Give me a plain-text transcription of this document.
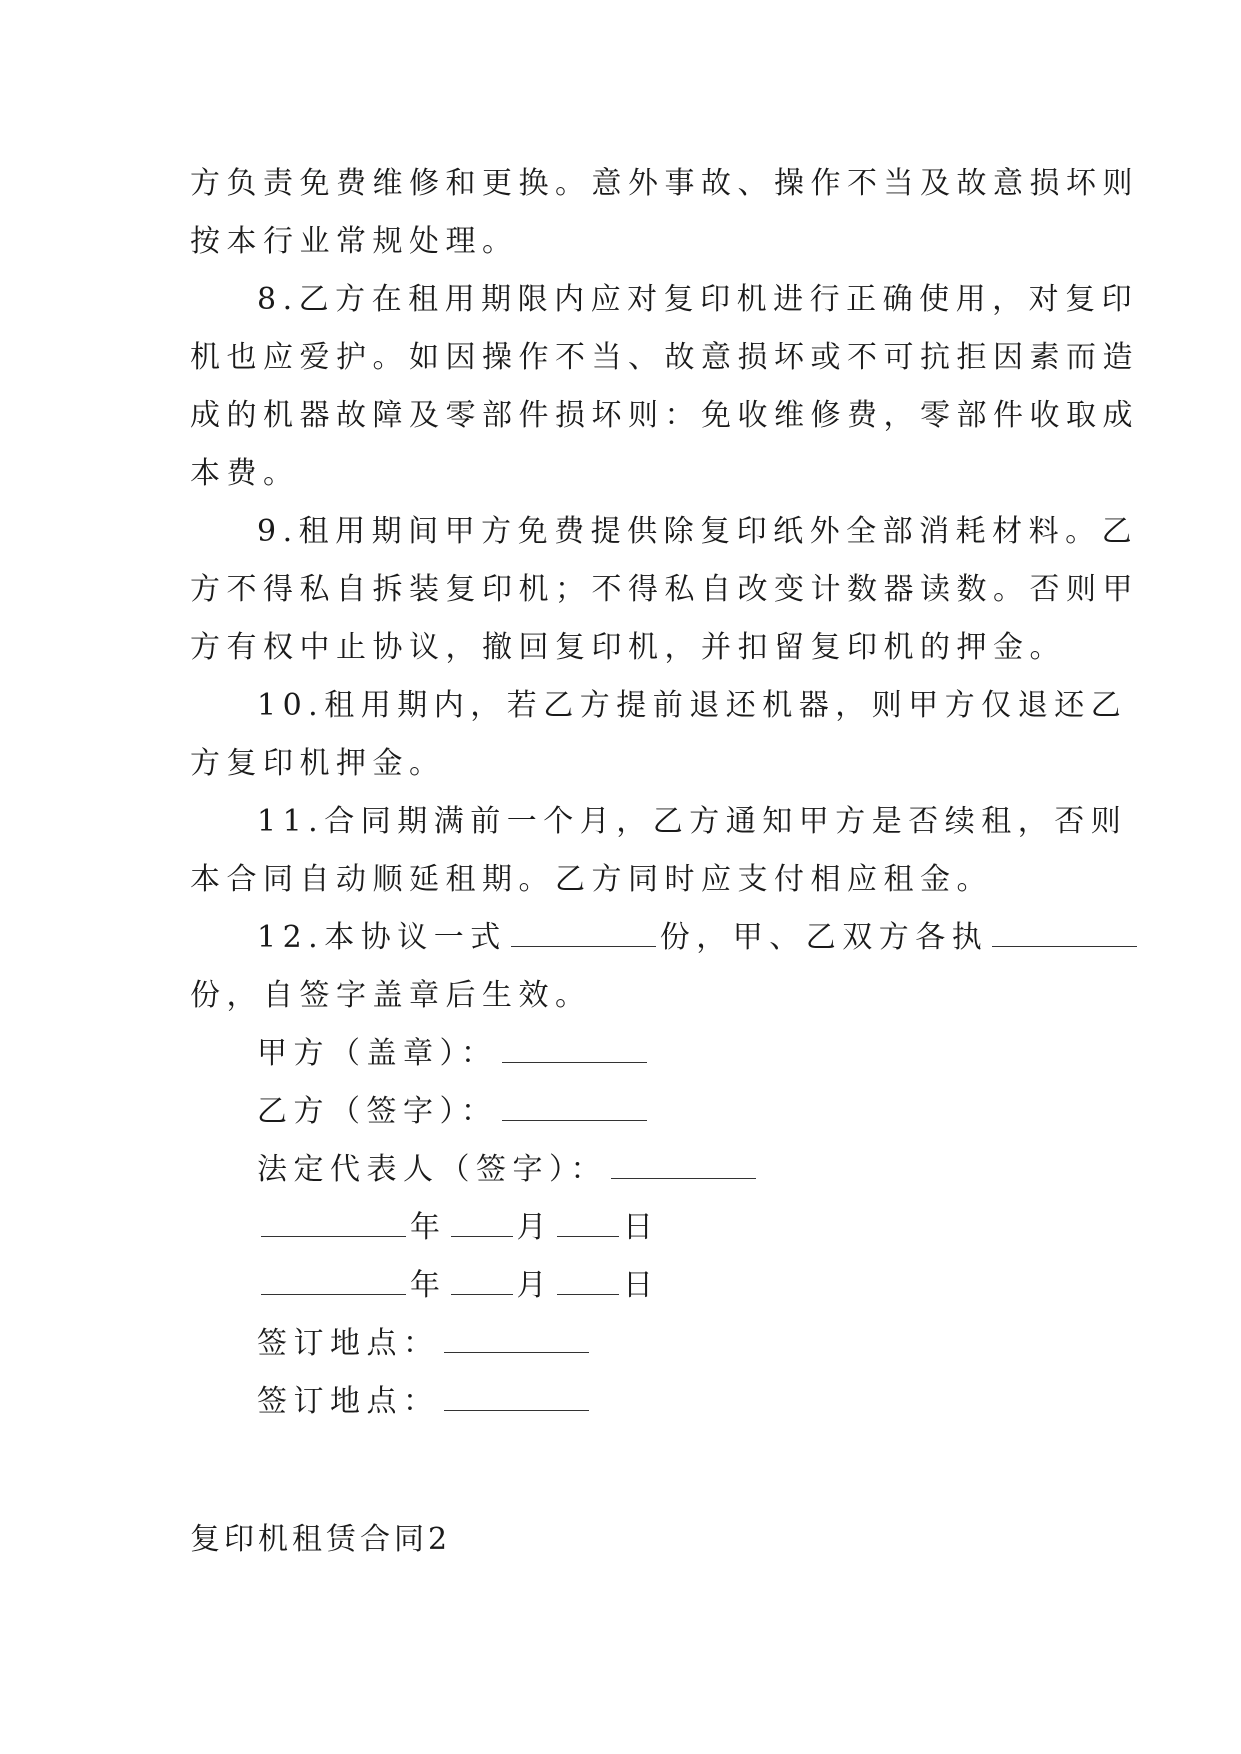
方负责免费维修和更换。意外事故、操作不当及故意损坏则
按本行业常规处理。
8.乙方在租用期限内应对复印机进行正确使用，对复印
机也应爱护。如因操作不当、故意损坏或不可抗拒因素而造
成的机器故障及零部件损坏则：免收维修费，零部件收取成
本费。
9.租用期间甲方免费提供除复印纸外全部消耗材料。乙
方不得私自拆装复印机；不得私自改变计数器读数。否则甲
方有权中止协议，撤回复印机，并扣留复印机的押金。
10.租用期内，若乙方提前退还机器，则甲方仅退还乙
方复印机押金。
11.合同期满前一个月，乙方通知甲方是否续租，否则
本合同自动顺延租期。乙方同时应支付相应租金。
12.本协议一式	份，甲、乙双方各执
份，自签字盖章后生效。
甲方（盖章）：
乙方（签字）：
法定代表人（签字）：
年 月 日
年 月 日
签订地点：
签订地点：
复印机租赁合同2
